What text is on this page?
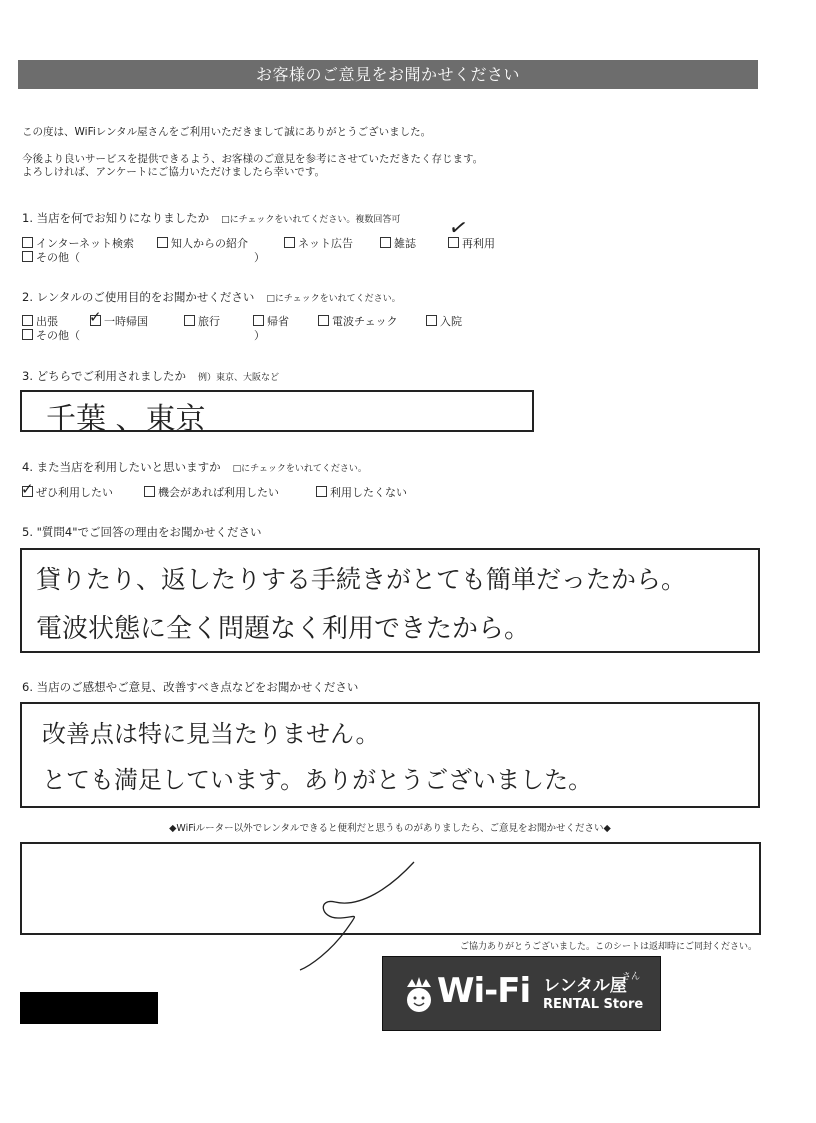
お客様のご意見をお聞かせください
この度は、WiFiレンタル屋さんをご利用いただきまして誠にありがとうございました。
今後より良いサービスを提供できるよう、お客様のご意見を参考にさせていただきたく存じます。
よろしければ、アンケートにご協力いただけましたら幸いです。
1. 当店を何でお知りになりましたか □にチェックをいれてください。複数回答可
インターネット検索	知人からの紹介	ネット広告	雑誌	再利用
その他（	）
✓
2. レンタルのご使用目的をお聞かせください □にチェックをいれてください。
出張	一時帰国	旅行	帰省	電波チェック	入院
その他（	）
✓
3. どちらでご利用されましたか 例）東京、大阪など
千葉 、東京
4. また当店を利用したいと思いますか □にチェックをいれてください。
ぜひ利用したい	機会があれば利用したい	利用したくない
✓
5. "質問4"でご回答の理由をお聞かせください
貸りたり、返したりする手続きがとても簡単だったから。
電波状態に全く問題なく利用できたから。
6. 当店のご感想やご意見、改善すべき点などをお聞かせください
改善点は特に見当たりません。
とても満足しています。ありがとうございました。
◆WiFiルーター以外でレンタルできると便利だと思うものがありましたら、ご意見をお聞かせください◆
ご協力ありがとうございました。このシートは返却時にご同封ください。
Wi-Fi レンタル屋
さん
RENTAL Store
